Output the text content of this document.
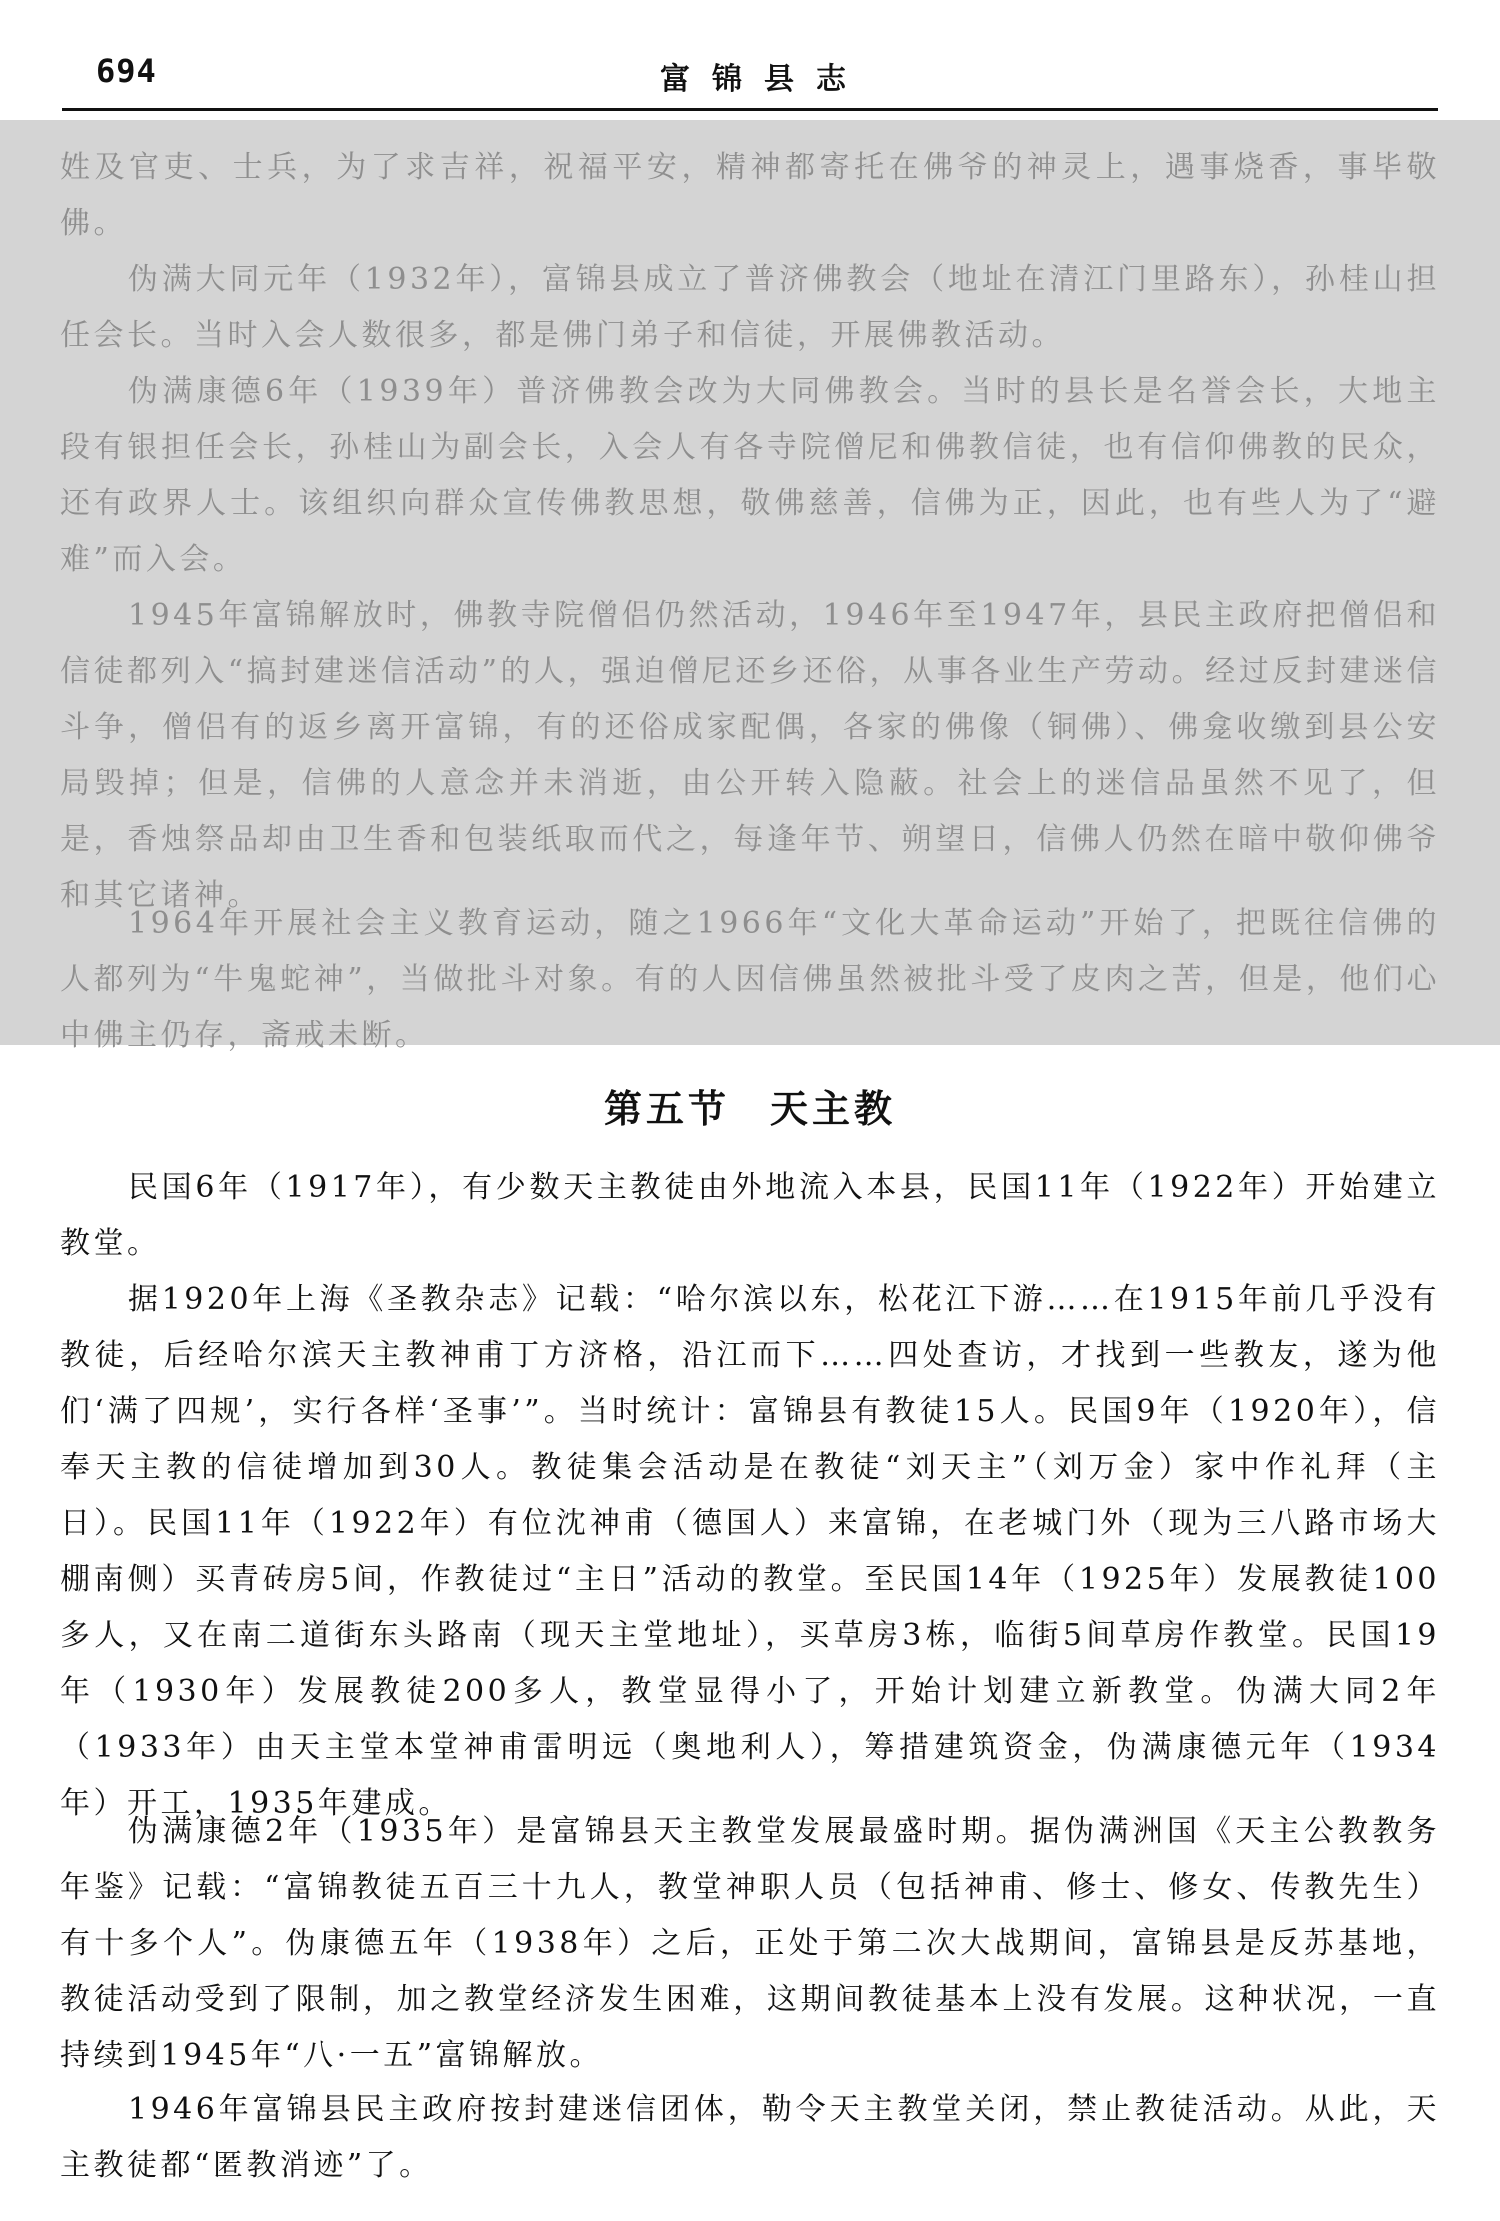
694	富锦县志

姓及官吏、士兵，为了求吉祥，祝福平安，精神都寄托在佛爷的神灵上，遇事烧香，事毕敬佛。

伪满大同元年（1932年），富锦县成立了普济佛教会（地址在清江门里路东），孙桂山担任会长。当时入会人数很多，都是佛门弟子和信徒，开展佛教活动。

伪满康德6年（1939年）普济佛教会改为大同佛教会。当时的县长是名誉会长，大地主段有银担任会长，孙桂山为副会长，入会人有各寺院僧尼和佛教信徒，也有信仰佛教的民众，还有政界人士。该组织向群众宣传佛教思想，敬佛慈善，信佛为正，因此，也有些人为了“避难”而入会。

1945年富锦解放时，佛教寺院僧侣仍然活动，1946年至1947年，县民主政府把僧侣和信徒都列入“搞封建迷信活动”的人，强迫僧尼还乡还俗，从事各业生产劳动。经过反封建迷信斗争，僧侣有的返乡离开富锦，有的还俗成家配偶，各家的佛像（铜佛）、佛龛收缴到县公安局毁掉；但是，信佛的人意念并未消逝，由公开转入隐蔽。社会上的迷信品虽然不见了，但是，香烛祭品却由卫生香和包装纸取而代之，每逢年节、朔望日，信佛人仍然在暗中敬仰佛爷和其它诸神。

1964年开展社会主义教育运动，随之1966年“文化大革命运动”开始了，把既往信佛的人都列为“牛鬼蛇神”，当做批斗对象。有的人因信佛虽然被批斗受了皮肉之苦，但是，他们心中佛主仍存，斋戒未断。

第五节 天主教

民国6年（1917年），有少数天主教徒由外地流入本县，民国11年（1922年）开始建立教堂。

据1920年上海《圣教杂志》记载：“哈尔滨以东，松花江下游……在1915年前几乎没有教徒，后经哈尔滨天主教神甫丁方济格，沿江而下……四处查访，才找到一些教友，遂为他们‘满了四规’，实行各样‘圣事’”。当时统计：富锦县有教徒15人。民国9年（1920年），信奉天主教的信徒增加到30人。教徒集会活动是在教徒“刘天主”（刘万金）家中作礼拜（主日）。民国11年（1922年）有位沈神甫（德国人）来富锦，在老城门外（现为三八路市场大棚南侧）买青砖房5间，作教徒过“主日”活动的教堂。至民国14年（1925年）发展教徒100多人，又在南二道街东头路南（现天主堂地址），买草房3栋，临街5间草房作教堂。民国19年（1930年）发展教徒200多人，教堂显得小了，开始计划建立新教堂。伪满大同2年（1933年）由天主堂本堂神甫雷明远（奥地利人），筹措建筑资金，伪满康德元年（1934年）开工，1935年建成。

伪满康德2年（1935年）是富锦县天主教堂发展最盛时期。据伪满洲国《天主公教教务年鉴》记载：“富锦教徒五百三十九人，教堂神职人员（包括神甫、修士、修女、传教先生）有十多个人”。伪康德五年（1938年）之后，正处于第二次大战期间，富锦县是反苏基地，教徒活动受到了限制，加之教堂经济发生困难，这期间教徒基本上没有发展。这种状况，一直持续到1945年“八·一五”富锦解放。

1946年富锦县民主政府按封建迷信团体，勒令天主教堂关闭，禁止教徒活动。从此，天主教徒都“匿教消迹”了。
